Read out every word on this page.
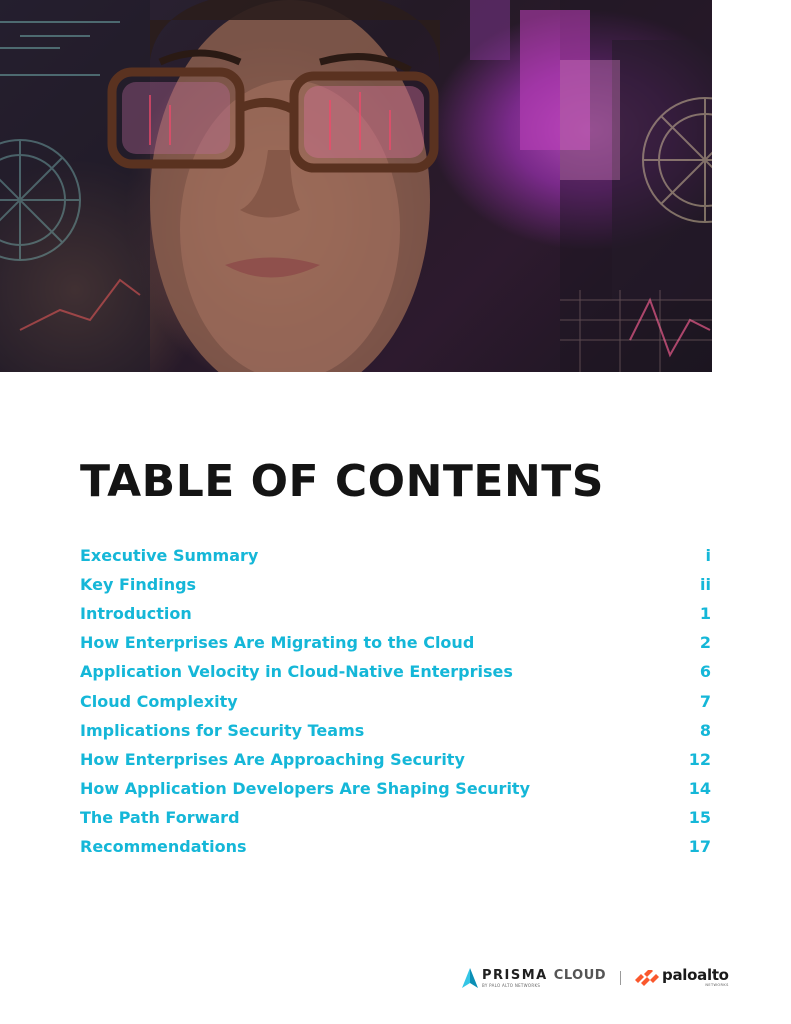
TABLE OF CONTENTS
Executive Summary	i
Key Findings	ii
Introduction	1
How Enterprises Are Migrating to the Cloud	2
Application Velocity in Cloud-Native Enterprises	6
Cloud Complexity	7
Implications for Security Teams	8
How Enterprises Are Approaching Security	12
How Application Developers Are Shaping Security	14
The Path Forward	15
Recommendations	17
PRISMA CLOUD
BY PALO ALTO NETWORKS
paloalto
NETWORKS
